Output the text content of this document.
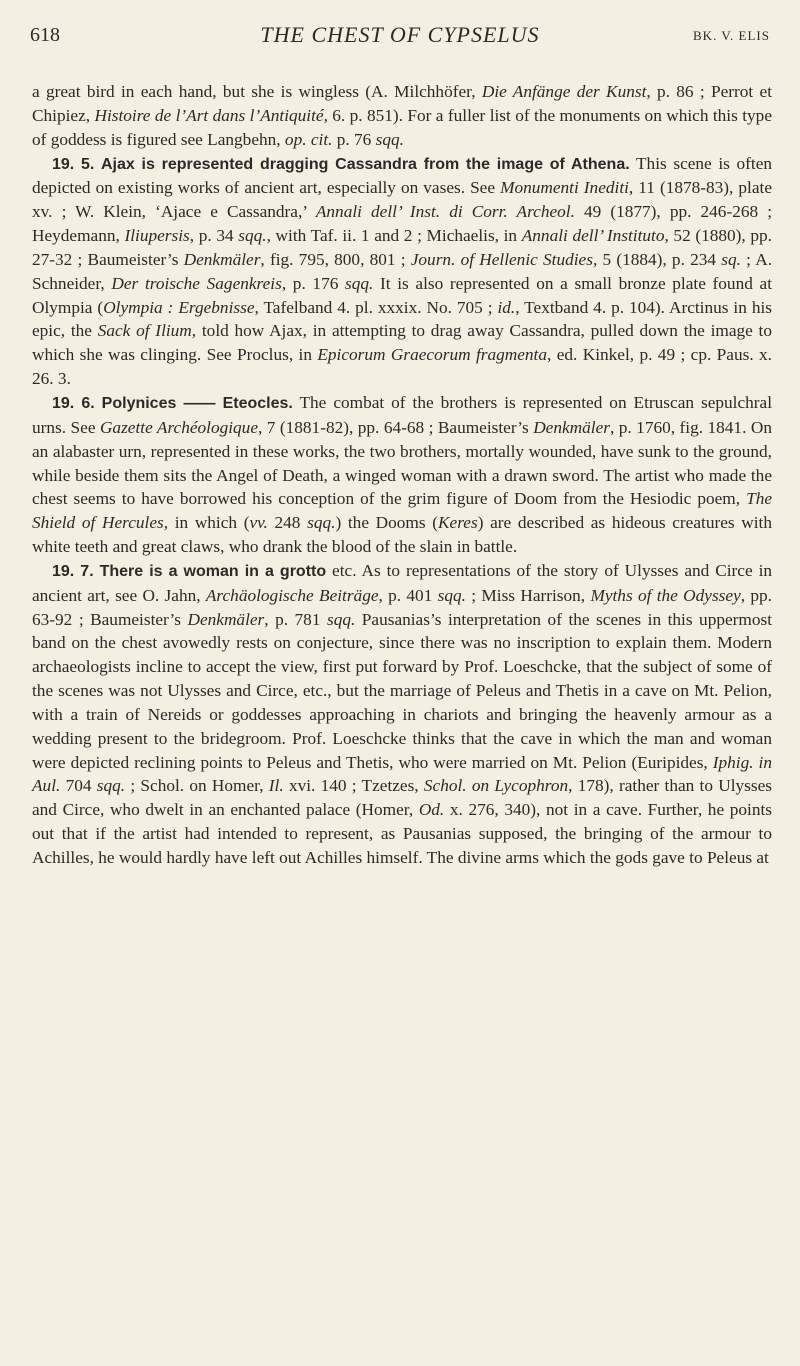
618	THE CHEST OF CYPSELUS	BK. V. ELIS

a great bird in each hand, but she is wingless (A. Milchhöfer, Die Anfänge der Kunst, p. 86 ; Perrot et Chipiez, Histoire de l’Art dans l’Antiquité, 6. p. 851). For a fuller list of the monuments on which this type of goddess is figured see Langbehn, op. cit. p. 76 sqq.

19. 5. Ajax is represented dragging Cassandra from the image of Athena. This scene is often depicted on existing works of ancient art, especially on vases. See Monumenti Inediti, 11 (1878-83), plate xv. ; W. Klein, ‘Ajace e Cassandra,’ Annali dell’ Inst. di Corr. Archeol. 49 (1877), pp. 246-268 ; Heydemann, Iliupersis, p. 34 sqq., with Taf. ii. 1 and 2 ; Michaelis, in Annali dell’ Instituto, 52 (1880), pp. 27-32 ; Baumeister’s Denkmäler, fig. 795, 800, 801 ; Journ. of Hellenic Studies, 5 (1884), p. 234 sq. ; A. Schneider, Der troische Sagenkreis, p. 176 sqq. It is also represented on a small bronze plate found at Olympia (Olympia : Ergebnisse, Tafelband 4. pl. xxxix. No. 705 ; id., Textband 4. p. 104). Arctinus in his epic, the Sack of Ilium, told how Ajax, in attempting to drag away Cassandra, pulled down the image to which she was clinging. See Proclus, in Epicorum Graecorum fragmenta, ed. Kinkel, p. 49 ; cp. Paus. x. 26. 3.

19. 6. Polynices —— Eteocles. The combat of the brothers is represented on Etruscan sepulchral urns. See Gazette Archéologique, 7 (1881-82), pp. 64-68 ; Baumeister’s Denkmäler, p. 1760, fig. 1841. On an alabaster urn, represented in these works, the two brothers, mortally wounded, have sunk to the ground, while beside them sits the Angel of Death, a winged woman with a drawn sword. The artist who made the chest seems to have borrowed his conception of the grim figure of Doom from the Hesiodic poem, The Shield of Hercules, in which (vv. 248 sqq.) the Dooms (Keres) are described as hideous creatures with white teeth and great claws, who drank the blood of the slain in battle.

19. 7. There is a woman in a grotto etc. As to representations of the story of Ulysses and Circe in ancient art, see O. Jahn, Archäologische Beiträge, p. 401 sqq. ; Miss Harrison, Myths of the Odyssey, pp. 63-92 ; Baumeister’s Denkmäler, p. 781 sqq. Pausanias’s interpretation of the scenes in this uppermost band on the chest avowedly rests on conjecture, since there was no inscription to explain them. Modern archaeologists incline to accept the view, first put forward by Prof. Loeschcke, that the subject of some of the scenes was not Ulysses and Circe, etc., but the marriage of Peleus and Thetis in a cave on Mt. Pelion, with a train of Nereids or goddesses approaching in chariots and bringing the heavenly armour as a wedding present to the bridegroom. Prof. Loeschcke thinks that the cave in which the man and woman were depicted reclining points to Peleus and Thetis, who were married on Mt. Pelion (Euripides, Iphig. in Aul. 704 sqq. ; Schol. on Homer, Il. xvi. 140 ; Tzetzes, Schol. on Lycophron, 178), rather than to Ulysses and Circe, who dwelt in an enchanted palace (Homer, Od. x. 276, 340), not in a cave. Further, he points out that if the artist had intended to represent, as Pausanias supposed, the bringing of the armour to Achilles, he would hardly have left out Achilles himself. The divine arms which the gods gave to Peleus at
